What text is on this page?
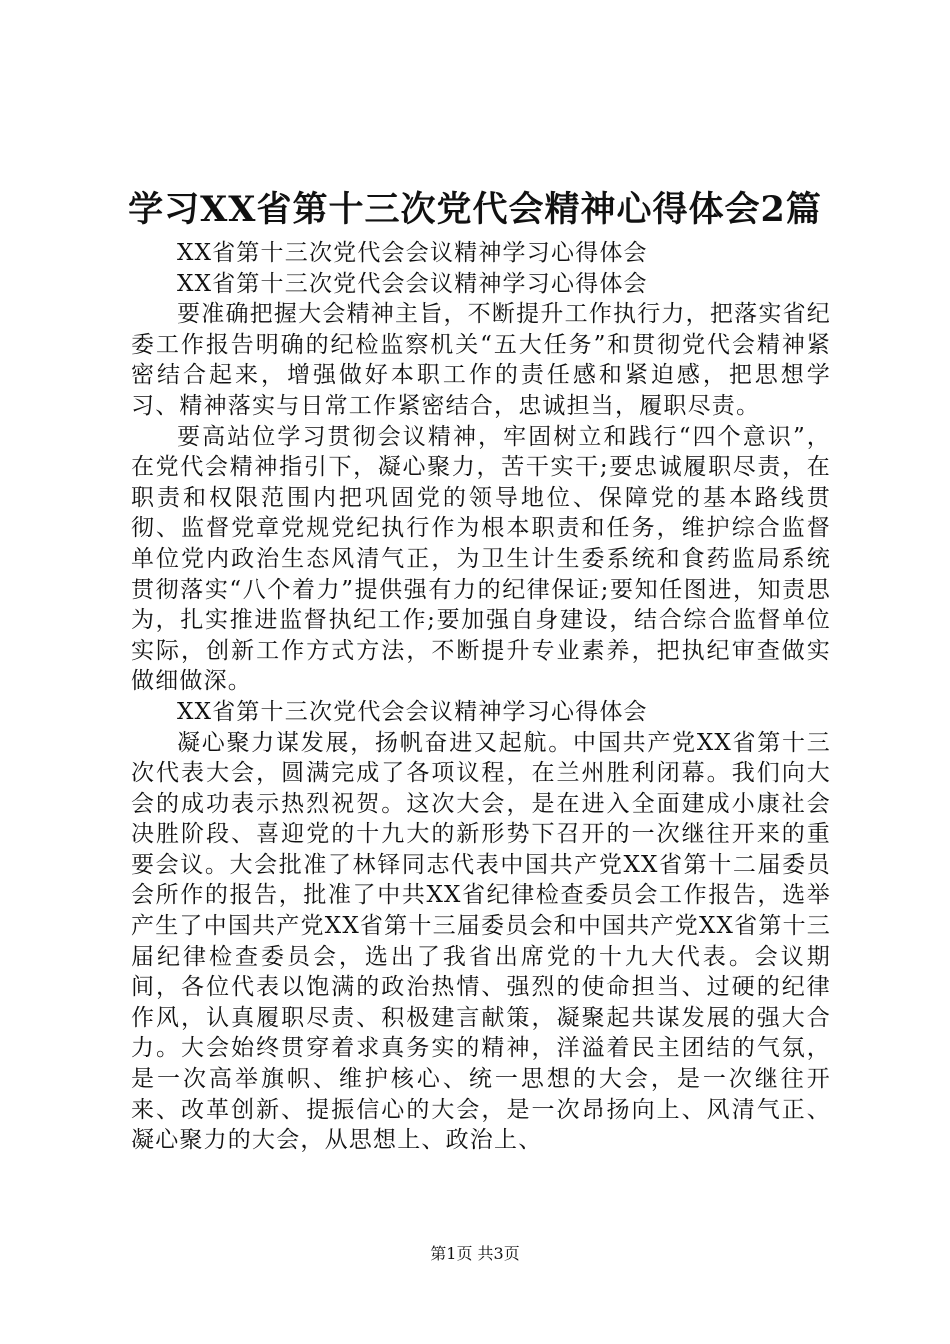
学习XX省第十三次党代会精神心得体会2篇

XX省第十三次党代会会议精神学习心得体会

XX省第十三次党代会会议精神学习心得体会

要准确把握大会精神主旨，不断提升工作执行力，把落实省纪委工作报告明确的纪检监察机关“五大任务”和贯彻党代会精神紧密结合起来，增强做好本职工作的责任感和紧迫感，把思想学习、精神落实与日常工作紧密结合，忠诚担当，履职尽责。

要高站位学习贯彻会议精神，牢固树立和践行“四个意识”，在党代会精神指引下，凝心聚力，苦干实干;要忠诚履职尽责，在职责和权限范围内把巩固党的领导地位、保障党的基本路线贯彻、监督党章党规党纪执行作为根本职责和任务，维护综合监督单位党内政治生态风清气正，为卫生计生委系统和食药监局系统贯彻落实“八个着力”提供强有力的纪律保证;要知任图进，知责思为，扎实推进监督执纪工作;要加强自身建设，结合综合监督单位实际，创新工作方式方法，不断提升专业素养，把执纪审查做实做细做深。

XX省第十三次党代会会议精神学习心得体会

凝心聚力谋发展，扬帆奋进又起航。中国共产党XX省第十三次代表大会，圆满完成了各项议程，在兰州胜利闭幕。我们向大会的成功表示热烈祝贺。这次大会，是在进入全面建成小康社会决胜阶段、喜迎党的十九大的新形势下召开的一次继往开来的重要会议。大会批准了林铎同志代表中国共产党XX省第十二届委员会所作的报告，批准了中共XX省纪律检查委员会工作报告，选举产生了中国共产党XX省第十三届委员会和中国共产党XX省第十三届纪律检查委员会，选出了我省出席党的十九大代表。会议期间，各位代表以饱满的政治热情、强烈的使命担当、过硬的纪律作风，认真履职尽责、积极建言献策，凝聚起共谋发展的强大合力。大会始终贯穿着求真务实的精神，洋溢着民主团结的气氛，是一次高举旗帜、维护核心、统一思想的大会，是一次继往开来、改革创新、提振信心的大会，是一次昂扬向上、风清气正、凝心聚力的大会，从思想上、政治上、

第1页 共3页
